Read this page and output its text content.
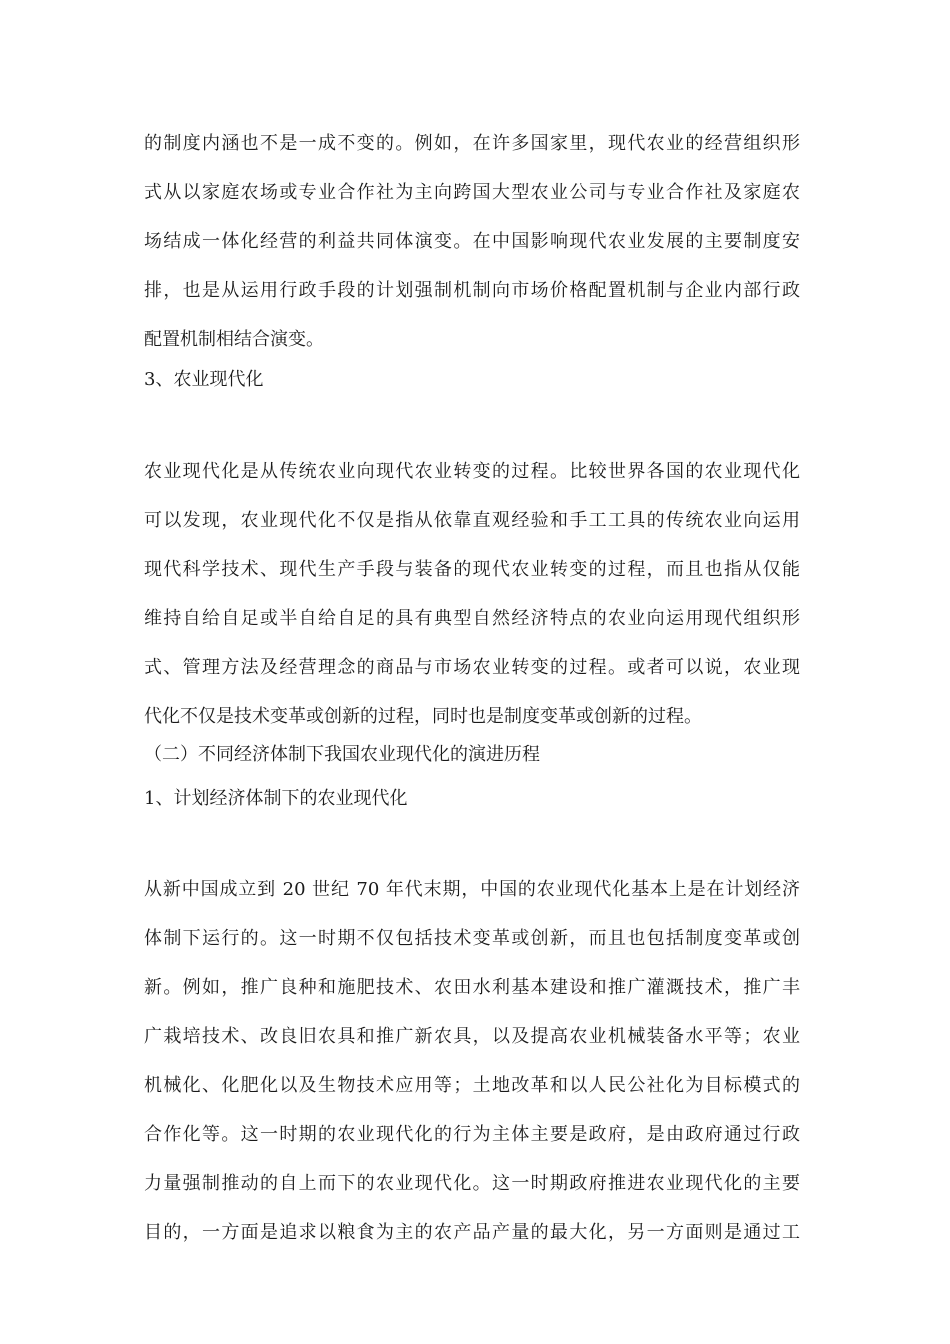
的制度内涵也不是一成不变的。例如，在许多国家里，现代农业的经营组织形
式从以家庭农场或专业合作社为主向跨国大型农业公司与专业合作社及家庭农
场结成一体化经营的利益共同体演变。在中国影响现代农业发展的主要制度安
排，也是从运用行政手段的计划强制机制向市场价格配置机制与企业内部行政
配置机制相结合演变。
3、农业现代化
农业现代化是从传统农业向现代农业转变的过程。比较世界各国的农业现代化
可以发现，农业现代化不仅是指从依靠直观经验和手工工具的传统农业向运用
现代科学技术、现代生产手段与装备的现代农业转变的过程，而且也指从仅能
维持自给自足或半自给自足的具有典型自然经济特点的农业向运用现代组织形
式、管理方法及经营理念的商品与市场农业转变的过程。或者可以说，农业现
代化不仅是技术变革或创新的过程，同时也是制度变革或创新的过程。
（二）不同经济体制下我国农业现代化的演进历程
1、计划经济体制下的农业现代化
从新中国成立到 20 世纪 70 年代末期，中国的农业现代化基本上是在计划经济
体制下运行的。这一时期不仅包括技术变革或创新，而且也包括制度变革或创
新。例如，推广良种和施肥技术、农田水利基本建设和推广灌溉技术，推广丰
广栽培技术、改良旧农具和推广新农具，以及提高农业机械装备水平等；农业
机械化、化肥化以及生物技术应用等；土地改革和以人民公社化为目标模式的
合作化等。这一时期的农业现代化的行为主体主要是政府，是由政府通过行政
力量强制推动的自上而下的农业现代化。这一时期政府推进农业现代化的主要
目的，一方面是追求以粮食为主的农产品产量的最大化，另一方面则是通过工
